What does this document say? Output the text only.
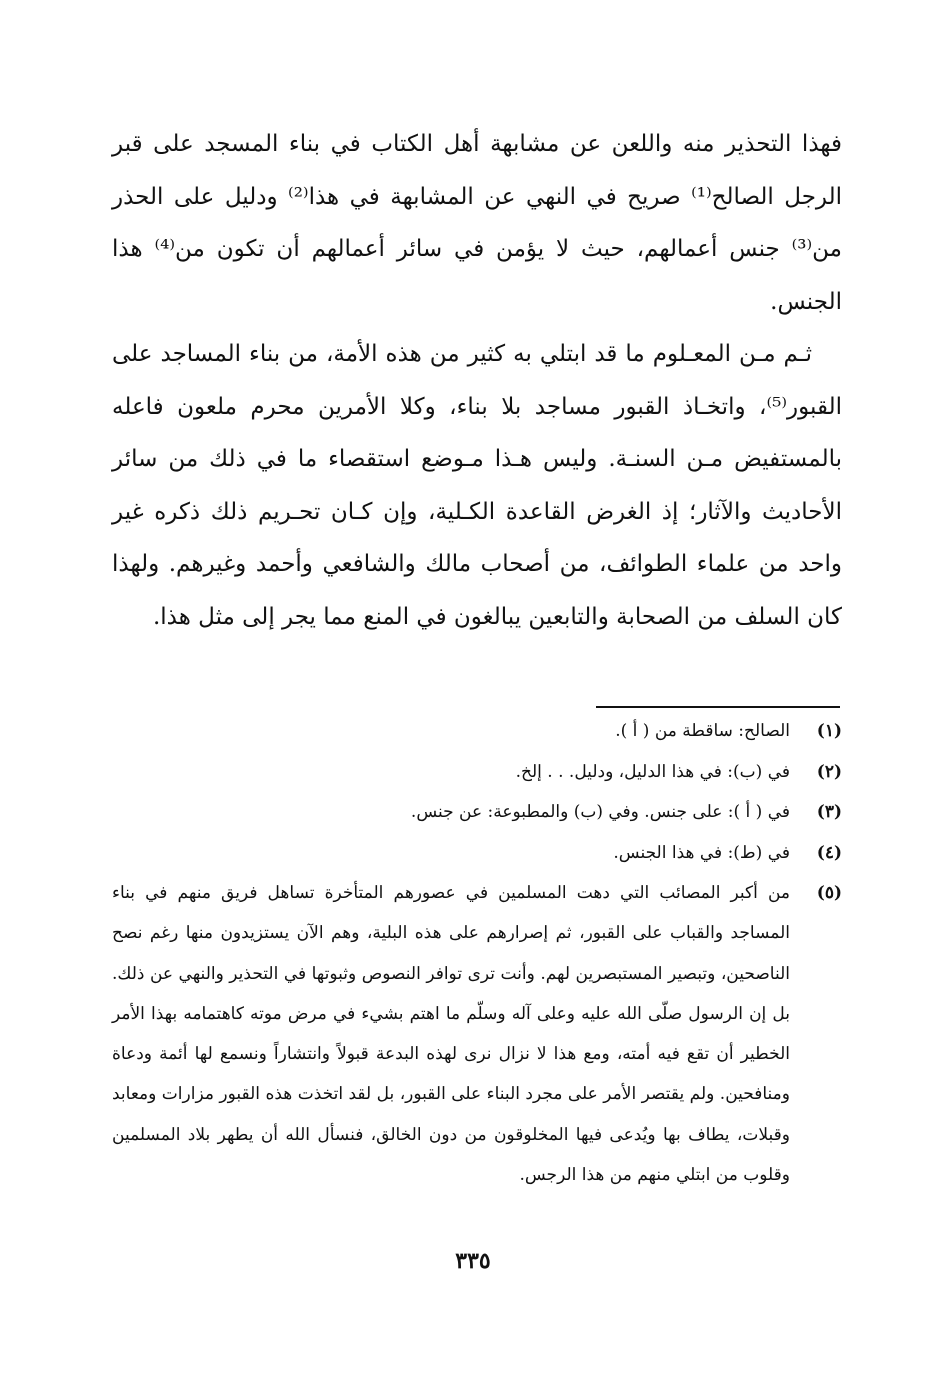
فهذا التحذير منه واللعن عن مشابهة أهل الكتاب في بناء المسجد على قبر الرجل الصالح⁽¹⁾ صريح في النهي عن المشابهة في هذا⁽²⁾ ودليل على الحذر من⁽³⁾ جنس أعمالهم، حيث لا يؤمن في سائر أعمالهم أن تكون من⁽⁴⁾ هذا الجنس.

ثـم مـن المعـلوم ما قد ابتلي به كثير من هذه الأمة، من بناء المساجد على القبور⁽⁵⁾، واتخـاذ القبور مساجد بلا بناء، وكلا الأمرين محرم ملعون فاعله بالمستفيض مـن السنـة. وليس هـذا مـوضع استقصاء ما في ذلك من سائر الأحاديث والآثار؛ إذ الغرض القاعدة الكـلية، وإن كـان تحـريم ذلك ذكره غير واحد من علماء الطوائف، من أصحاب مالك والشافعي وأحمد وغيرهم. ولهذا كان السلف من الصحابة والتابعين يبالغون في المنع مما يجر إلى مثل هذا.

(١)
الصالح: ساقطة من ( أ ).
(٢)
في (ب): في هذا الدليل، ودليل. . . إلخ.
(٣)
في ( أ ): على جنس. وفي (ب) والمطبوعة: عن جنس.
(٤)
في (ط): في هذا الجنس.
(٥)
من أكبر المصائب التي دهت المسلمين في عصورهم المتأخرة تساهل فريق منهم في بناء المساجد والقباب على القبور، ثم إصرارهم على هذه البلية، وهم الآن يستزيدون منها رغم نصح الناصحين، وتبصير المستبصرين لهم. وأنت ترى توافر النصوص وثبوتها في التحذير والنهي عن ذلك. بل إن الرسول صلّى الله عليه وعلى آله وسلّم ما اهتم بشيء في مرض موته كاهتمامه بهذا الأمر الخطير أن تقع فيه أمته، ومع هذا لا نزال نرى لهذه البدعة قبولاً وانتشاراً ونسمع لها أئمة ودعاة ومنافحين. ولم يقتصر الأمر على مجرد البناء على القبور، بل لقد اتخذت هذه القبور مزارات ومعابد وقبلات، يطاف بها ويُدعى فيها المخلوقون من دون الخالق، فنسأل الله أن يطهر بلاد المسلمين وقلوب من ابتلي منهم من هذا الرجس.
٣٣٥
